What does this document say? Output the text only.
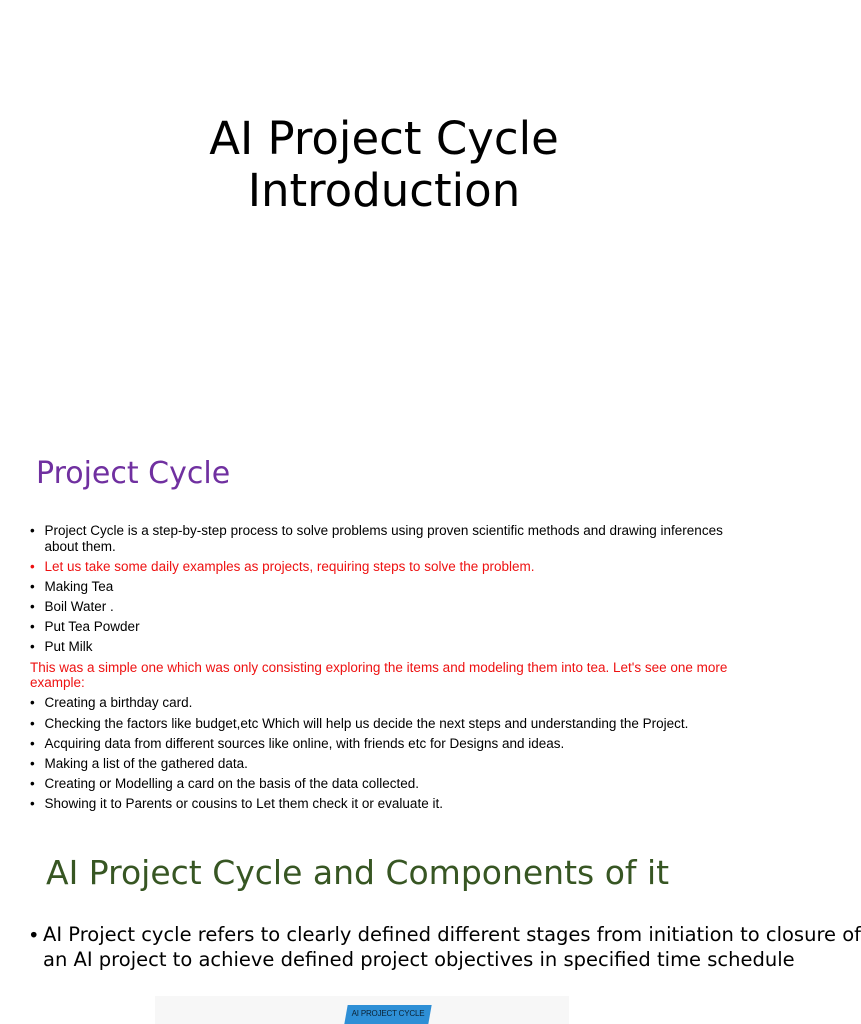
AI Project Cycle
Introduction
Project Cycle
• Project Cycle is a step-by-step process to solve problems using proven scientific methods and drawing inferences about them.
• Let us take some daily examples as projects, requiring steps to solve the problem.
• Making Tea
• Boil Water .
• Put Tea Powder
• Put Milk
This was a simple one which was only consisting exploring the items and modeling them into tea. Let's see one more example:
• Creating a birthday card.
• Checking the factors like budget,etc Which will help us decide the next steps and understanding the Project.
• Acquiring data from different sources like online, with friends etc for Designs and ideas.
• Making a list of the gathered data.
• Creating or Modelling a card on the basis of the data collected.
• Showing it to Parents or cousins to Let them check it or evaluate it.
AI Project Cycle and Components of it
• AI Project cycle refers to clearly defined different stages from initiation to closure of
an AI project to achieve defined project objectives in specified time schedule
AI PROJECT CYCLE
